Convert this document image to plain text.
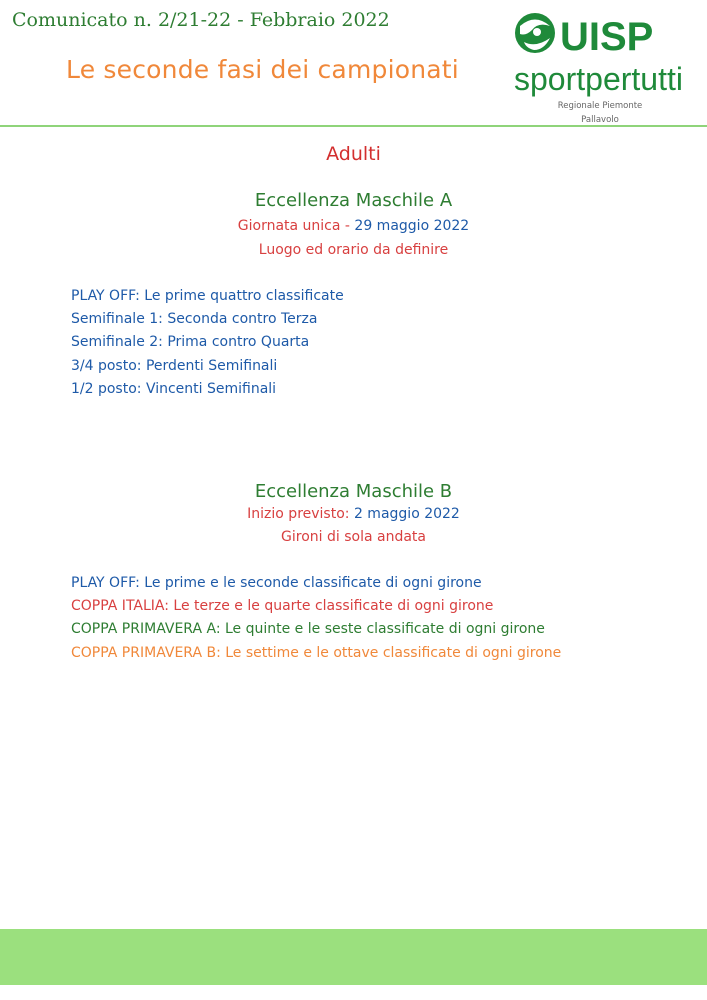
Comunicato n. 2/21-22 - Febbraio 2022
Le seconde fasi dei campionati
UISP
sportpertutti
Regionale Piemonte
Pallavolo
Adulti
Eccellenza Maschile A
Giornata unica - 29 maggio 2022
Luogo ed orario da definire
PLAY OFF: Le prime quattro classificate
Semifinale 1: Seconda contro Terza
Semifinale 2: Prima contro Quarta
3/4 posto: Perdenti Semifinali
1/2 posto: Vincenti Semifinali
Eccellenza Maschile B
Inizio previsto: 2 maggio 2022
Gironi di sola andata
PLAY OFF: Le prime e le seconde classificate di ogni girone
COPPA ITALIA: Le terze e le quarte classificate di ogni girone
COPPA PRIMAVERA A: Le quinte e le seste classificate di ogni girone
COPPA PRIMAVERA B: Le settime e le ottave classificate di ogni girone
